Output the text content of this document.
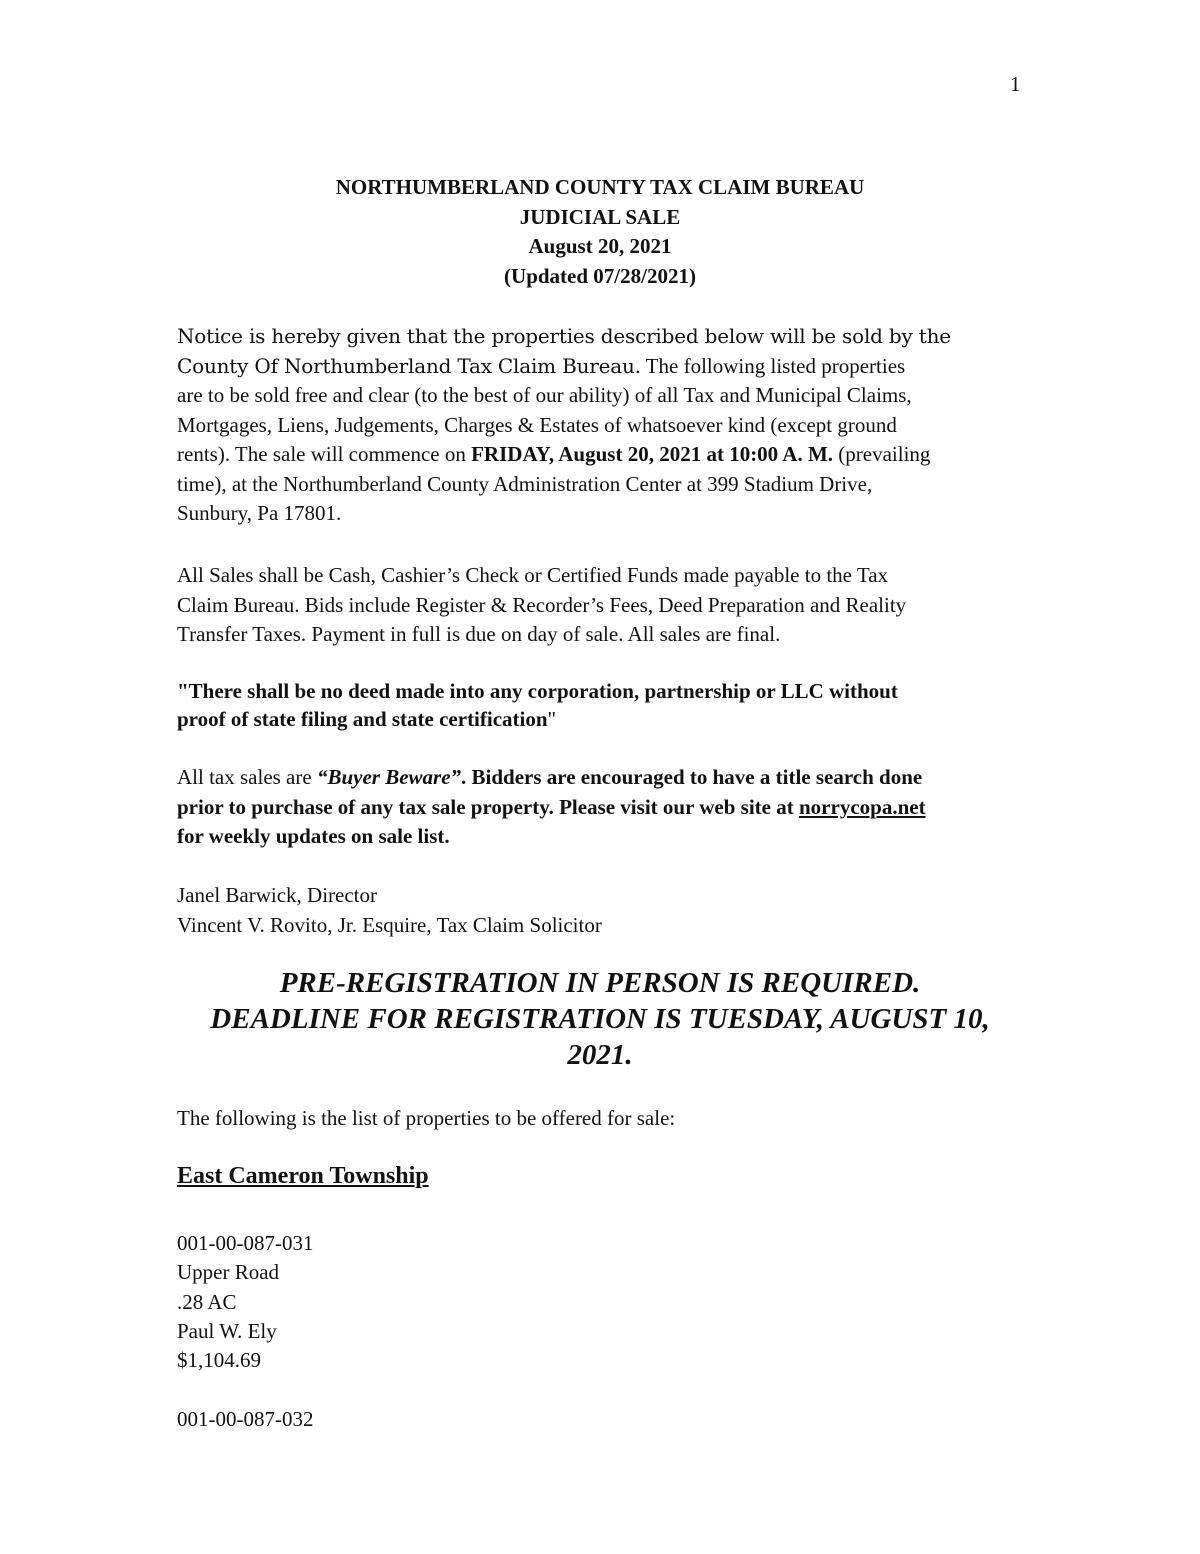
1
NORTHUMBERLAND COUNTY TAX CLAIM BUREAU
JUDICIAL SALE
August 20, 2021
(Updated 07/28/2021)
Notice is hereby given that the properties described below will be sold by the
County Of Northumberland Tax Claim Bureau. The following listed properties
are to be sold free and clear (to the best of our ability) of all Tax and Municipal Claims,
Mortgages, Liens, Judgements, Charges & Estates of whatsoever kind (except ground
rents). The sale will commence on FRIDAY, August 20, 2021 at 10:00 A. M. (prevailing
time), at the Northumberland County Administration Center at 399 Stadium Drive,
Sunbury, Pa 17801.
All Sales shall be Cash, Cashier’s Check or Certified Funds made payable to the Tax
Claim Bureau. Bids include Register & Recorder’s Fees, Deed Preparation and Reality
Transfer Taxes. Payment in full is due on day of sale. All sales are final.
"There shall be no deed made into any corporation, partnership or LLC without
proof of state filing and state certification"
All tax sales are “Buyer Beware”. Bidders are encouraged to have a title search done
prior to purchase of any tax sale property. Please visit our web site at norrycopa.net
for weekly updates on sale list.
Janel Barwick, Director
Vincent V. Rovito, Jr. Esquire, Tax Claim Solicitor
PRE-REGISTRATION IN PERSON IS REQUIRED.
DEADLINE FOR REGISTRATION IS TUESDAY, AUGUST 10,
2021.
The following is the list of properties to be offered for sale:
East Cameron Township
001-00-087-031
Upper Road
.28 AC
Paul W. Ely
$1,104.69
001-00-087-032
